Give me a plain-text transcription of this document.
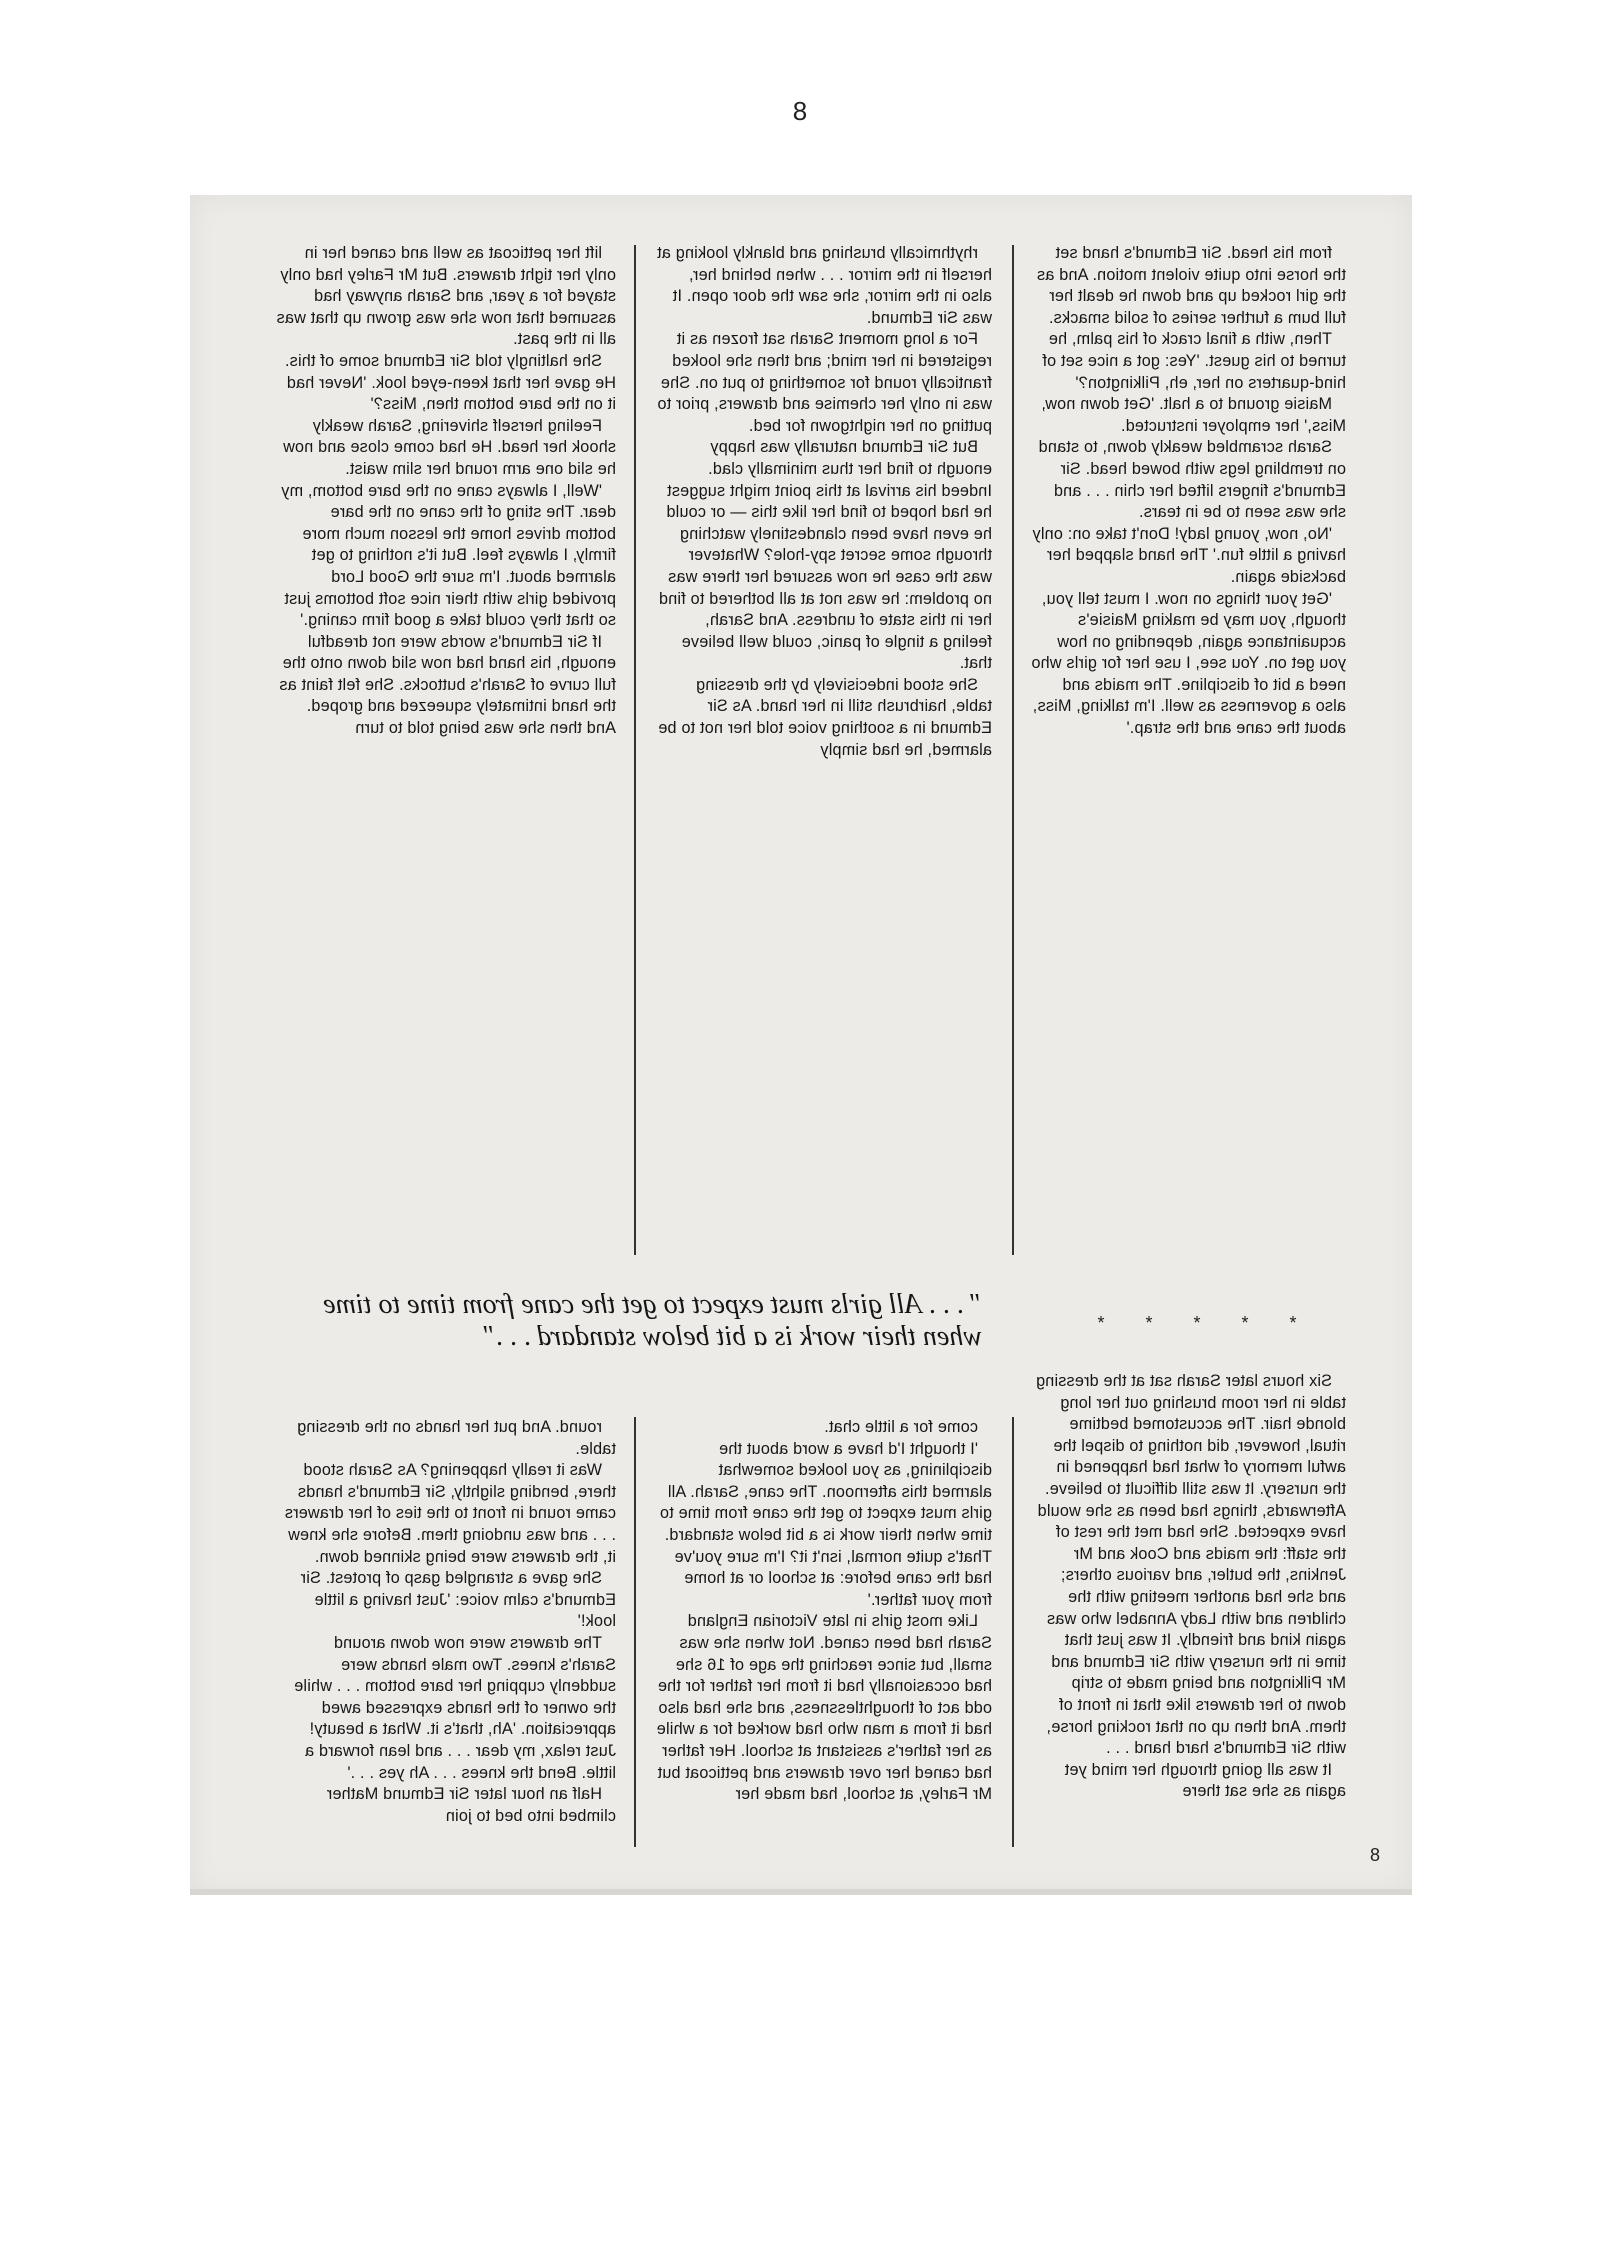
8

from his head. Sir Edmund's hand set the horse into quite violent motion. And as the girl rocked up and down he dealt her full bum a further series of solid smacks.

Then, with a final crack of his palm, he turned to his guest. 'Yes: got a nice set of hind-quarters on her, eh, Pilkington?'

Maisie ground to a halt. 'Get down now, Miss,' her employer instructed.

Sarah scrambled weakly down, to stand on trembling legs with bowed head. Sir Edmund's fingers lifted her chin . . . and she was seen to be in tears.

'No, now, young lady! Don't take on: only having a little fun.' The hand slapped her backside again.

'Get your things on now. I must tell you, though, you may be making Maisie's acquaintance again, depending on how you get on. You see, I use her for girls who need a bit of discipline. The maids and also a governess as well. I'm talking, Miss, about the cane and the strap.'

rhythmically brushing and blankly looking at herself in the mirror . . . when behind her, also in the mirror, she saw the door open. It was Sir Edmund.

For a long moment Sarah sat frozen as it registered in her mind; and then she looked frantically round for something to put on. She was in only her chemise and drawers, prior to putting on her nightgown for bed.

But Sir Edmund naturally was happy enough to find her thus minimally clad. Indeed his arrival at this point might suggest he had hoped to find her like this — or could he even have been clandestinely watching through some secret spy-hole? Whatever was the case he now assured her there was no problem: he was not at all bothered to find her in this state of undress. And Sarah, feeling a tingle of panic, could well believe that.

She stood indecisively by the dressing table, hairbrush still in her hand. As Sir Edmund in a soothing voice told her not to be alarmed, he had simply

lift her petticoat as well and caned her in only her tight drawers. But Mr Farley had only stayed for a year, and Sarah anyway had assumed that now she was grown up that was all in the past.

She haltingly told Sir Edmund some of this. He gave her that keen-eyed look. 'Never had it on the bare bottom then, Miss?'

Feeling herself shivering, Sarah weakly shook her head. He had come close and now he slid one arm round her slim waist.

'Well, I always cane on the bare bottom, my dear. The sting of the cane on the bare bottom drives home the lesson much more firmly, I always feel. But it's nothing to get alarmed about. I'm sure the Good Lord provided girls with their nice soft bottoms just so that they could take a good firm caning.'

If Sir Edmund's words were not dreadful enough, his hand had now slid down onto the full curve of Sarah's buttocks. She felt faint as the hand intimately squeezed and groped. And then she was being told to turn

* * * * *
" . . . All girls must expect to get the cane from time to time when their work is a bit below standard . . ."

Six hours later Sarah sat at the dressing table in her room brushing out her long blonde hair. The accustomed bedtime ritual, however, did nothing to dispel the awful memory of what had happened in the nursery. It was still difficult to believe. Afterwards, things had been as she would have expected. She had met the rest of the staff: the maids and Cook and Mr Jenkins, the butler, and various others; and she had another meeting with the children and with Lady Annabel who was again kind and friendly. It was just that time in the nursery with Sir Edmund and Mr Pilkington and being made to strip down to her drawers like that in front of them. And then up on that rocking horse, with Sir Edmund's hard hand . . .

It was all going through her mind yet again as she sat there

come for a little chat.

'I thought I'd have a word about the disciplining, as you looked somewhat alarmed this afternoon. The cane, Sarah. All girls must expect to get the cane from time to time when their work is a bit below standard. That's quite normal, isn't it? I'm sure you've had the cane before: at school or at home from your father.'

Like most girls in late Victorian England Sarah had been caned. Not when she was small, but since reaching the age of 16 she had occasionally had it from her father for the odd act of thoughtlessness, and she had also had it from a man who had worked for a while as her father's assistant at school. Her father had caned her over drawers and petticoat but Mr Farley, at school, had made her

round. And put her hands on the dressing table.

Was it really happening? As Sarah stood there, bending slightly, Sir Edmund's hands came round in front to the ties of her drawers . . . and was undoing them. Before she knew it, the drawers were being skinned down.

She gave a strangled gasp of protest. Sir Edmund's calm voice: 'Just having a little look!'

The drawers were now down around Sarah's knees. Two male hands were suddenly cupping her bare bottom . . . while the owner of the hands expressed awed appreciation. 'Ah, that's it. What a beauty! Just relax, my dear . . . and lean forward a little. Bend the knees . . . Ah yes . . .'

Half an hour later Sir Edmund Mather climbed into bed to join

8
